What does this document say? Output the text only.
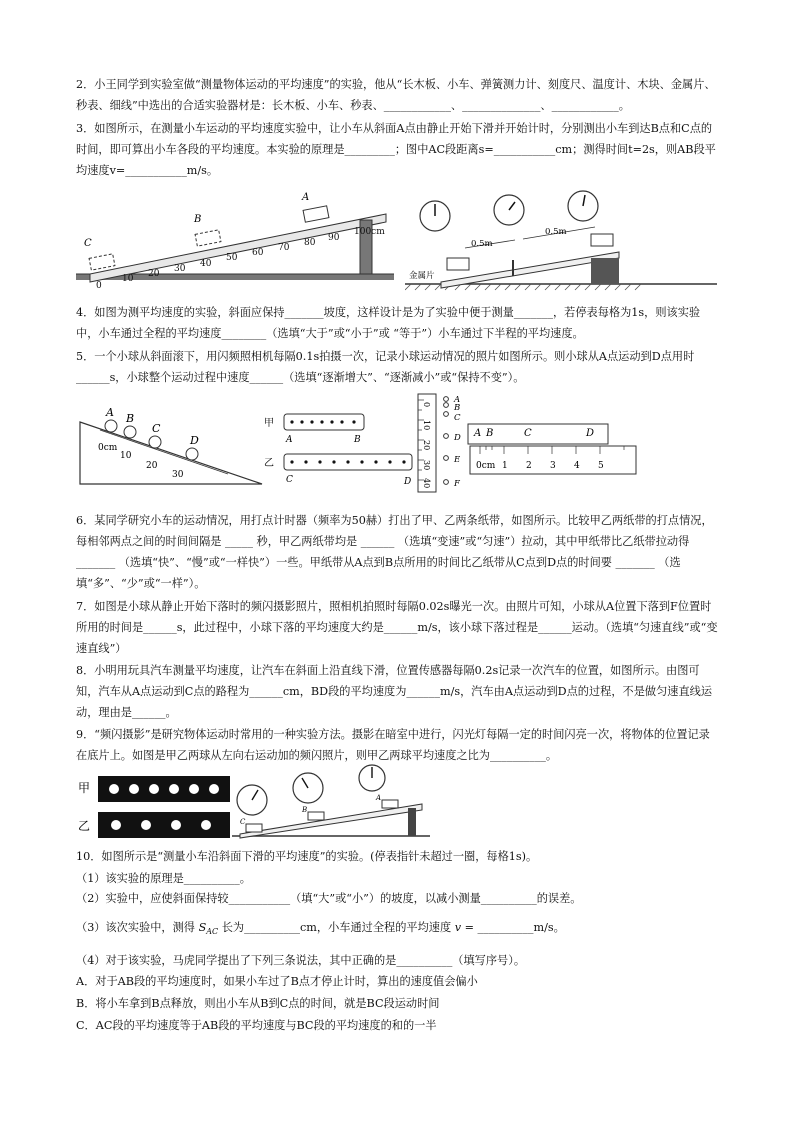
2．小王同学到实验室做“测量物体运动的平均速度”的实验，他从“长木板、小车、弹簧测力计、刻度尺、温度计、木块、金属片、秒表、细线”中选出的合适实验器材是：长木板、小车、秒表、____________、______________、____________。

3．如图所示，在测量小车运动的平均速度实验中，让小车从斜面A点由静止开始下滑并开始计时，分别测出小车到达B点和C点的时间，即可算出小车各段的平均速度。本实验的原理是_________；图中AC段距离s=___________cm；测得时间t=2s，则AB段平均速度v=___________m/s。

0
10 20 30 40
50 60 70 80 90
100cm
A
B
C	0.5m
0.5m
金属片

4．如图为测平均速度的实验，斜面应保持_______坡度，这样设计是为了实验中便于测量_______，若停表每格为1s，则该实验中，小车通过全程的平均速度________（选填“大于”或“小于”或 “等于”）小车通过下半程的平均速度。

5．一个小球从斜面滚下，用闪频照相机每隔0.1s拍摄一次，记录小球运动情况的照片如图所示。则小球从A点运动到D点用时______s，小球整个运动过程中速度______（选填“逐渐增大”、“逐渐减小”或“保持不变”）。

A B
C
D
0cm
10
20
30
甲
A	B
乙
C	D
0
10
20
30
40
A
B
C
D
E
F
A B	C	D
0cm 1 2 3 4 5

6．某同学研究小车的运动情况，用打点计时器（频率为50赫）打出了甲、乙两条纸带，如图所示。比较甲乙两纸带的打点情况，每相邻两点之间的时间间隔是 _____ 秒，甲乙两纸带均是 ______ （选填“变速”或“匀速”）拉动，其中甲纸带比乙纸带拉动得 _______ （选填“快”、“慢”或“一样快”）一些。甲纸带从A点到B点所用的时间比乙纸带从C点到D点的时间要 _______ （选填“多”、“少”或“一样”）。

7．如图是小球从静止开始下落时的频闪摄影照片，照相机拍照时每隔0.02s曝光一次。由照片可知，小球从A位置下落到F位置时所用的时间是______s，此过程中，小球下落的平均速度大约是______m/s，该小球下落过程是______运动。（选填“匀速直线”或“变速直线”）

8．小明用玩具汽车测量平均速度，让汽车在斜面上沿直线下滑，位置传感器每隔0.2s记录一次汽车的位置，如图所示。由图可知，汽车从A点运动到C点的路程为______cm，BD段的平均速度为______m/s，汽车由A点运动到D点的过程，不是做匀速直线运动，理由是______。

9．“频闪摄影”是研究物体运动时常用的一种实验方法。摄影在暗室中进行，闪光灯每隔一定的时间闪亮一次，将物体的位置记录在底片上。如图是甲乙两球从左向右运动加的频闪照片，则甲乙两球平均速度之比为__________。

甲
乙
A
B
C

10．如图所示是“测量小车沿斜面下滑的平均速度”的实验。(停表指针未超过一圈，每格1s)。

（1）该实验的原理是__________。

（2）实验中，应使斜面保持较___________（填“大”或“小”）的坡度，以减小测量__________的误差。

（3）该次实验中，测得 $S_{AC}$ 长为__________cm，小车通过全程的平均速度 v = __________m/s。

（4）对于该实验，马虎同学提出了下列三条说法，其中正确的是__________（填写序号）。

A．对于AB段的平均速度时，如果小车过了B点才停止计时，算出的速度值会偏小

B．将小车拿到B点释放，则出小车从B到C点的时间，就是BC段运动时间

C．AC段的平均速度等于AB段的平均速度与BC段的平均速度的和的一半
